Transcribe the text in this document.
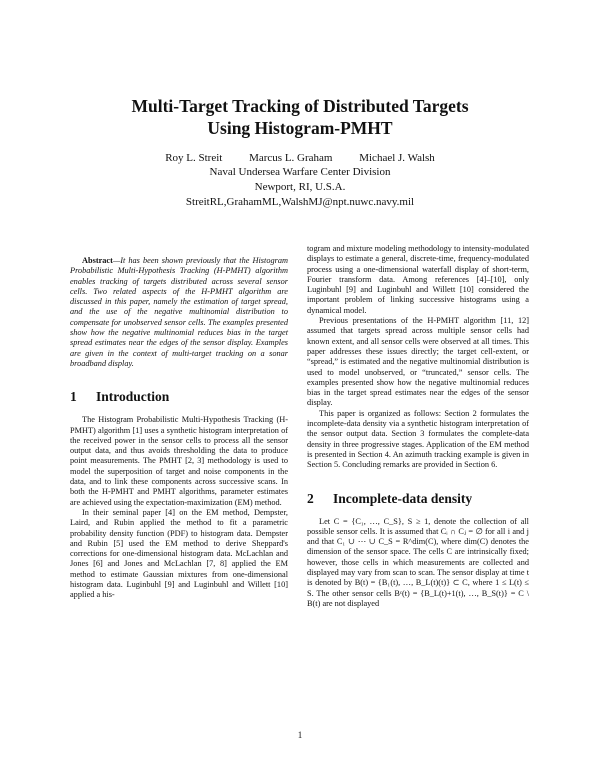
Multi-Target Tracking of Distributed Targets
Using Histogram-PMHT
Roy L. Streit Marcus L. Graham Michael J. Walsh
Naval Undersea Warfare Center Division
Newport, RI, U.S.A.
StreitRL,GrahamML,WalshMJ@npt.nuwc.navy.mil

Abstract—It has been shown previously that the Histogram Probabilistic Multi-Hypothesis Tracking (H-PMHT) algorithm enables tracking of targets distributed across several sensor cells. Two related aspects of the H-PMHT algorithm are discussed in this paper, namely the estimation of target spread, and the use of the negative multinomial distribution to compensate for unobserved sensor cells. The examples presented show how the negative multinomial reduces bias in the target spread estimates near the edges of the sensor display. Examples are given in the context of multi-target tracking on a sonar broadband display.

1 Introduction

The Histogram Probabilistic Multi-Hypothesis Tracking (H-PMHT) algorithm [1] uses a synthetic histogram interpretation of the received power in the sensor cells to process all the sensor output data, and thus avoids thresholding the data to produce point measurements. The PMHT [2, 3] methodology is used to model the superposition of target and noise components in the data, and to link these components across successive scans. In both the H-PMHT and PMHT algorithms, parameter estimates are achieved using the expectation-maximization (EM) method.

In their seminal paper [4] on the EM method, Dempster, Laird, and Rubin applied the method to fit a parametric probability density function (PDF) to histogram data. Dempster and Rubin [5] used the EM method to derive Sheppard's corrections for one-dimensional histogram data. McLachlan and Jones [6] and Jones and McLachlan [7, 8] applied the EM method to estimate Gaussian mixtures from one-dimensional histogram data. Luginbuhl [9] and Luginbuhl and Willett [10] applied a his-

togram and mixture modeling methodology to intensity-modulated displays to estimate a general, discrete-time, frequency-modulated process using a one-dimensional waterfall display of short-term, Fourier transform data. Among references [4]–[10], only Luginbuhl [9] and Luginbuhl and Willett [10] considered the important problem of linking successive histograms using a dynamical model.

Previous presentations of the H-PMHT algorithm [11, 12] assumed that targets spread across multiple sensor cells had known extent, and all sensor cells were observed at all times. This paper addresses these issues directly; the target cell-extent, or “spread,” is estimated and the negative multinomial distribution is used to model unobserved, or “truncated,” sensor cells. The examples presented show how the negative multinomial reduces bias in the target spread estimates near the edges of the sensor display.

This paper is organized as follows: Section 2 formulates the incomplete-data density via a synthetic histogram interpretation of the sensor output data. Section 3 formulates the complete-data density in three progressive stages. Application of the EM method is presented in Section 4. An azimuth tracking example is given in Section 5. Concluding remarks are provided in Section 6.

2 Incomplete-data density

Let C = {C₁, …, C_S}, S ≥ 1, denote the collection of all possible sensor cells. It is assumed that Cᵢ ∩ Cⱼ = ∅ for all i and j and that C₁ ∪ ⋯ ∪ C_S = R^dim(C), where dim(C) denotes the dimension of the sensor space. The cells C are intrinsically fixed; however, those cells in which measurements are collected and displayed may vary from scan to scan. The sensor display at time t is denoted by B(t) = {B₁(t), …, B_L(t)(t)} ⊂ C, where 1 ≤ L(t) ≤ S. The other sensor cells Bᶜ(t) = {B_L(t)+1(t), …, B_S(t)} = C \ B(t) are not displayed

1
